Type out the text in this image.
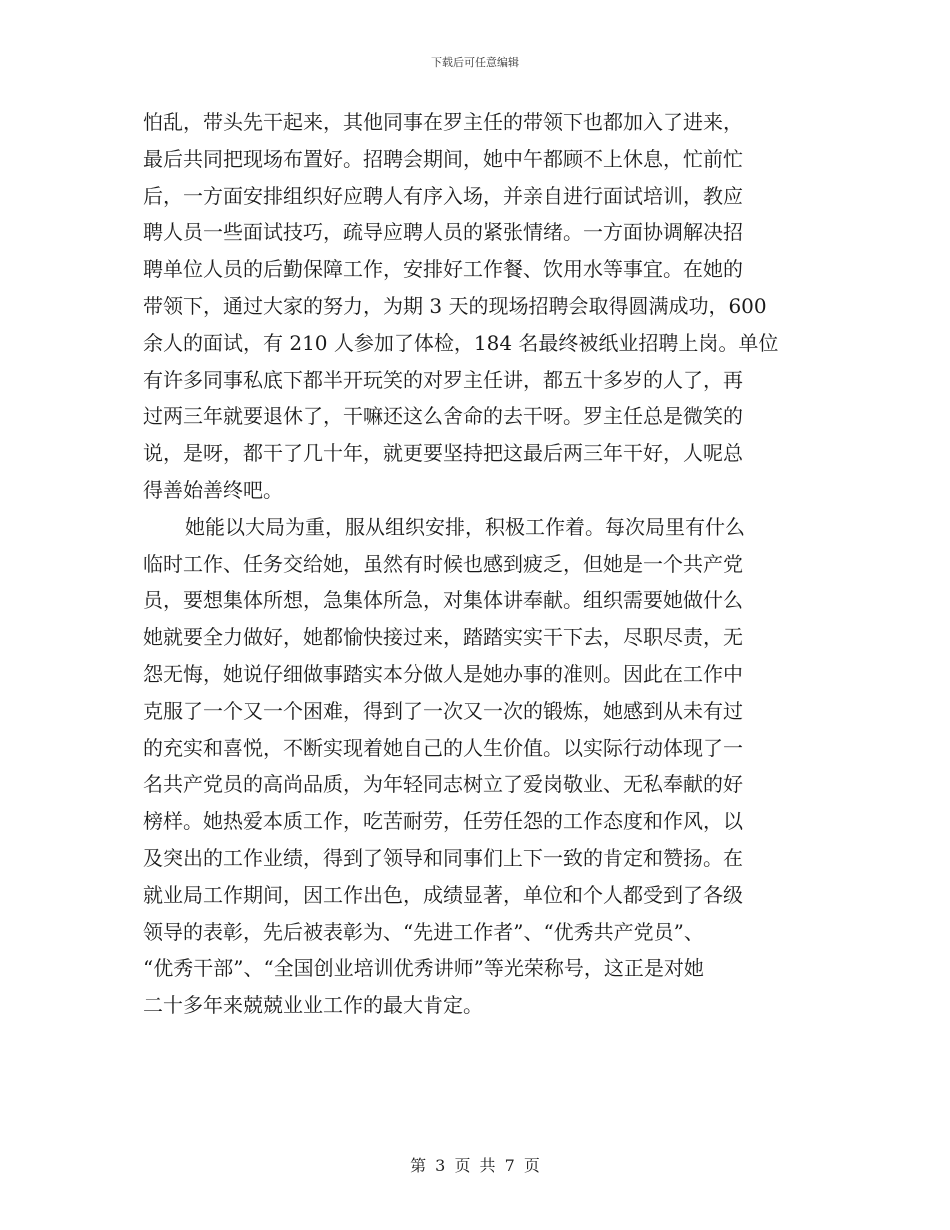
下载后可任意编辑
怕乱，带头先干起来，其他同事在罗主任的带领下也都加入了进来，
最后共同把现场布置好。招聘会期间，她中午都顾不上休息，忙前忙
后，一方面安排组织好应聘人有序入场，并亲自进行面试培训，教应
聘人员一些面试技巧，疏导应聘人员的紧张情绪。一方面协调解决招
聘单位人员的后勤保障工作，安排好工作餐、饮用水等事宜。在她的
带领下，通过大家的努力，为期 3 天的现场招聘会取得圆满成功，600
余人的面试，有 210 人参加了体检，184 名最终被纸业招聘上岗。单位
有许多同事私底下都半开玩笑的对罗主任讲，都五十多岁的人了，再
过两三年就要退休了，干嘛还这么舍命的去干呀。罗主任总是微笑的
说，是呀，都干了几十年，就更要坚持把这最后两三年干好，人呢总
得善始善终吧。
她能以大局为重，服从组织安排，积极工作着。每次局里有什么
临时工作、任务交给她，虽然有时候也感到疲乏，但她是一个共产党
员，要想集体所想，急集体所急，对集体讲奉献。组织需要她做什么
她就要全力做好，她都愉快接过来，踏踏实实干下去，尽职尽责，无
怨无悔，她说仔细做事踏实本分做人是她办事的准则。因此在工作中
克服了一个又一个困难，得到了一次又一次的锻炼，她感到从未有过
的充实和喜悦，不断实现着她自己的人生价值。以实际行动体现了一
名共产党员的高尚品质，为年轻同志树立了爱岗敬业、无私奉献的好
榜样。她热爱本质工作，吃苦耐劳，任劳任怨的工作态度和作风，以
及突出的工作业绩，得到了领导和同事们上下一致的肯定和赞扬。在
就业局工作期间，因工作出色，成绩显著，单位和个人都受到了各级
领导的表彰，先后被表彰为、“先进工作者”、“优秀共产党员”、
“优秀干部”、“全国创业培训优秀讲师”等光荣称号，这正是对她
二十多年来兢兢业业工作的最大肯定。
第 3 页 共 7 页
